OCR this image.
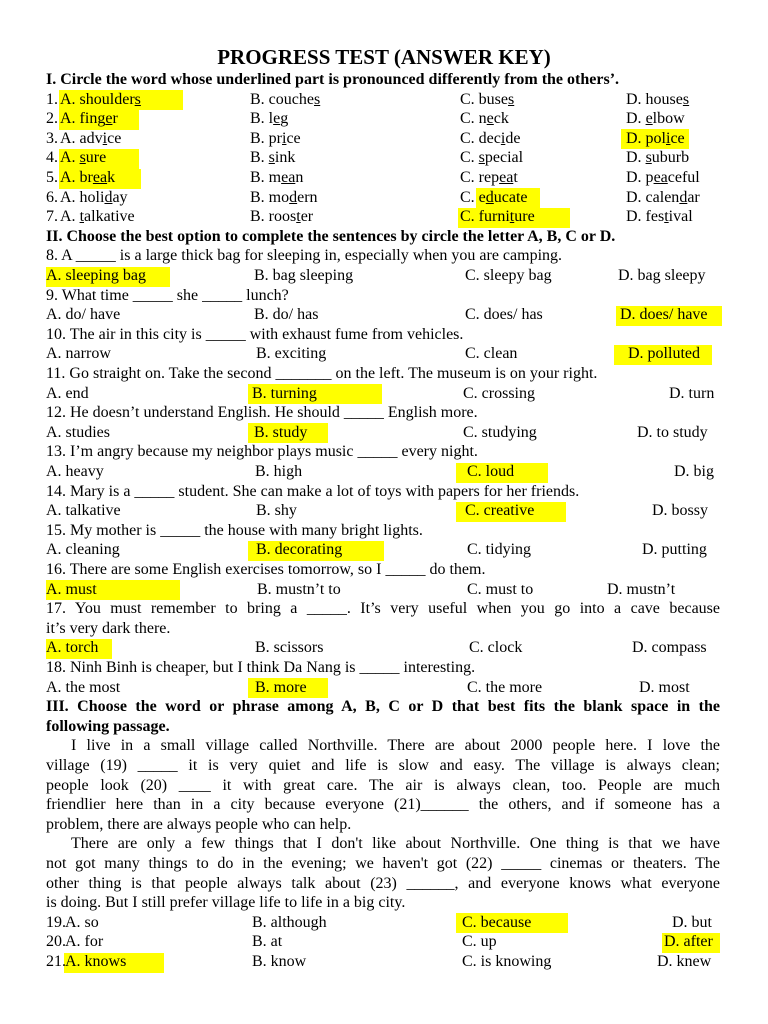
PROGRESS TEST (ANSWER KEY)
I. Circle the word whose underlined part is pronounced differently from the others’.
1. A. shoulders	B. couches	C. buses	D. houses
2. A. finger	B. leg	C. neck	D. elbow
3. A. advice	B. price	C. decide	D. police
4. A. sure	B. sink	C. special	D. suburb
5. A. break	B. mean	C. repeat	D. peaceful
6. A. holiday	B. modern	C. educate	D. calendar
7. A. talkative	B. rooster	C. furniture	D. festival
II. Choose the best option to complete the sentences by circle the letter A, B, C or D.
8. A _____ is a large thick bag for sleeping in, especially when you are camping.
A. sleeping bag	B. bag sleeping	C. sleepy bag	D. bag sleepy
9. What time _____ she _____ lunch?
A. do/ have	B. do/ has	C. does/ has	D. does/ have
10. The air in this city is _____ with exhaust fume from vehicles.
A. narrow	B. exciting	C. clean	D. polluted
11. Go straight on. Take the second _______ on the left. The museum is on your right.
A. end	B. turning	C. crossing	D. turn
12. He doesn’t understand English. He should _____ English more.
A. studies	B. study	C. studying	D. to study
13. I’m angry because my neighbor plays music _____ every night.
A. heavy	B. high	C. loud	D. big
14. Mary is a _____ student. She can make a lot of toys with papers for her friends.
A. talkative	B. shy	C. creative	D. bossy
15. My mother is _____ the house with many bright lights.
A. cleaning	B. decorating	C. tidying	D. putting
16. There are some English exercises tomorrow, so I _____ do them.
A. must	B. mustn’t to	C. must to	D. mustn’t
17. You must remember to bring a _____. It’s very useful when you go into a cave because
it’s very dark there.
A. torch	B. scissors	C. clock	D. compass
18. Ninh Binh is cheaper, but I think Da Nang is _____ interesting.
A. the most	B. more	C. the more	D. most
III. Choose the word or phrase among A, B, C or D that best fits the blank space in the
following passage.
I live in a small village called Northville. There are about 2000 people here. I love the
village (19) _____ it is very quiet and life is slow and easy. The village is always clean;
people look (20) ____ it with great care. The air is always clean, too. People are much
friendlier here than in a city because everyone (21)______ the others, and if someone has a
problem, there are always people who can help.
There are only a few things that I don't like about Northville. One thing is that we have
not got many things to do in the evening; we haven't got (22) _____ cinemas or theaters. The
other thing is that people always talk about (23) ______, and everyone knows what everyone
is doing. But I still prefer village life to life in a big city.
19. A. so	B. although	C. because	D. but
20. A. for	B. at	C. up	D. after
21. A. knows	B. know	C. is knowing	D. knew
